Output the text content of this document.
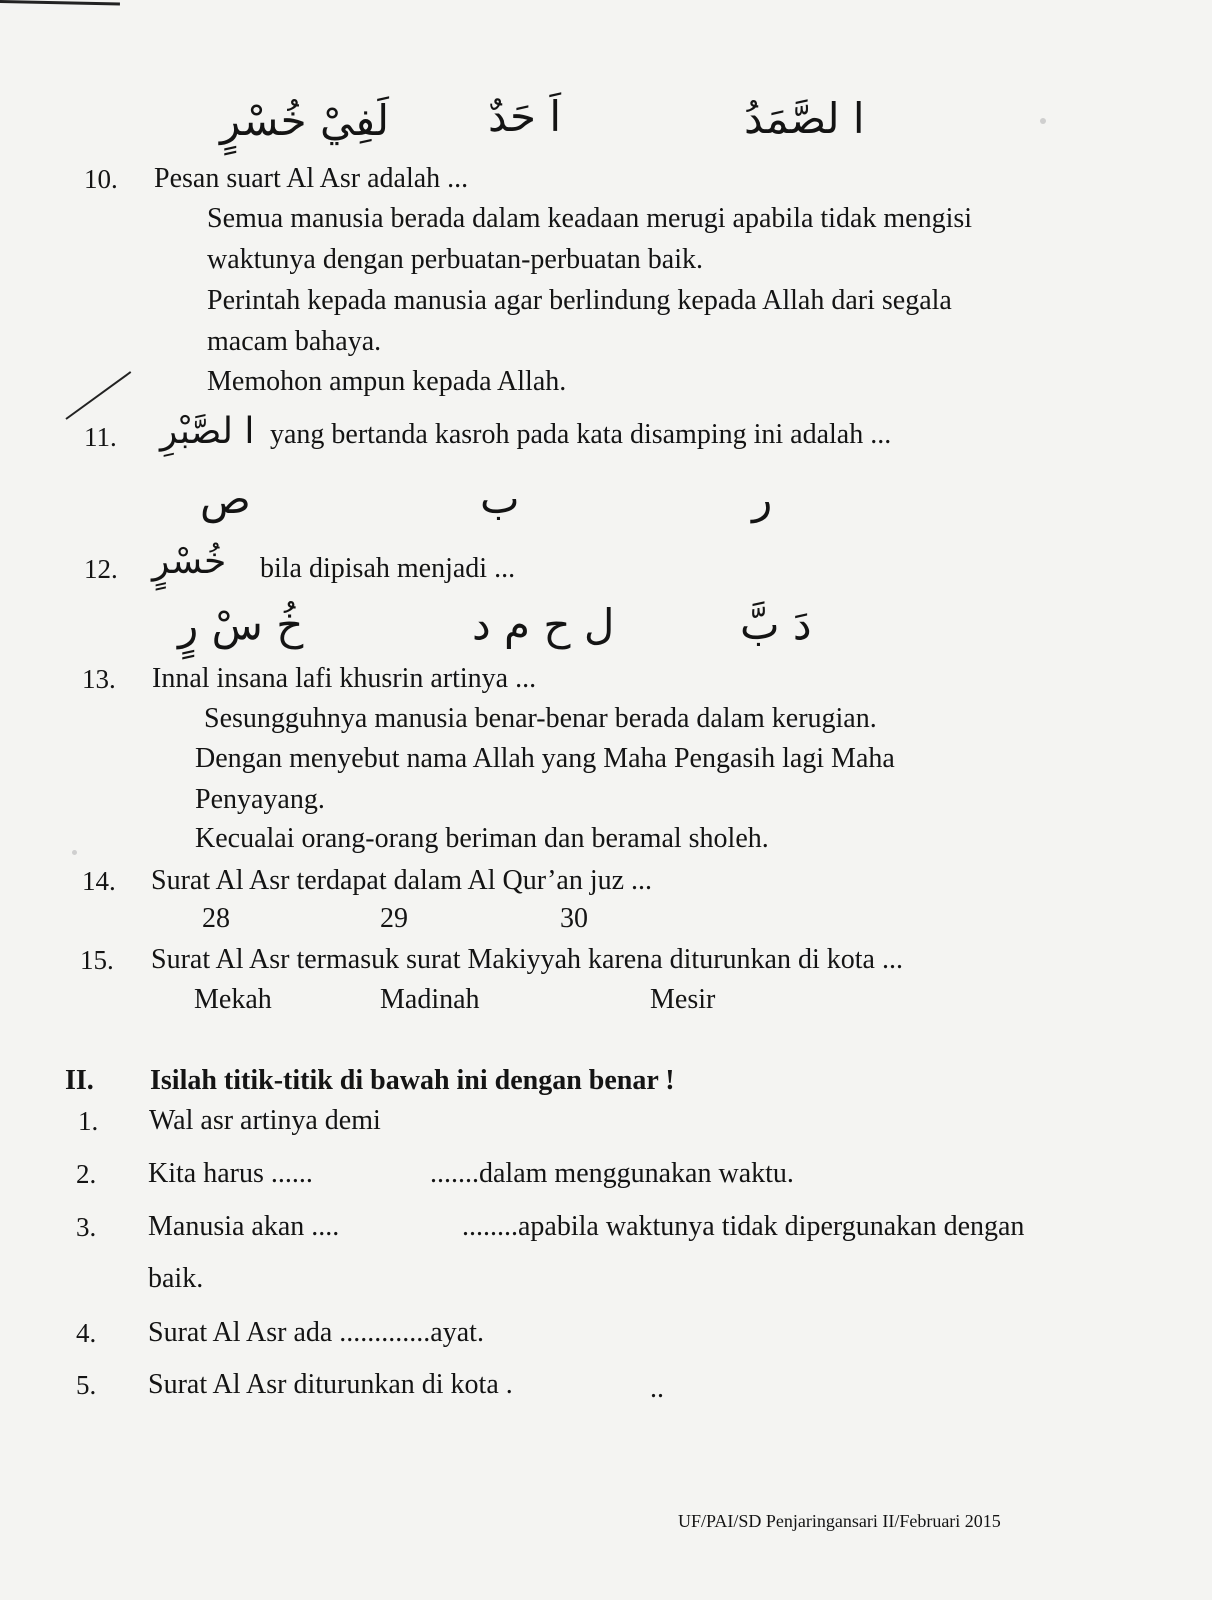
لَفِيْ خُسْرٍ اَ حَدٌ	ا لصَّمَدُ
10. Pesan suart Al Asr adalah ...
Semua manusia berada dalam keadaan merugi apabila tidak mengisi
waktunya dengan perbuatan-perbuatan baik.
Perintah kepada manusia agar berlindung kepada Allah dari segala
macam bahaya.
Memohon ampun kepada Allah.
11. ا لصَّبْرِ yang bertanda kasroh pada kata disamping ini adalah ...
ص	ب	ر
12. خُسْرٍ bila dipisah menjadi ...
خُ سْ رٍ	ل ح م د	دَ بَّ
13. Innal insana lafi khusrin artinya ...
Sesungguhnya manusia benar-benar berada dalam kerugian.
Dengan menyebut nama Allah yang Maha Pengasih lagi Maha
Penyayang.
Kecualai orang-orang beriman dan beramal sholeh.
14. Surat Al Asr terdapat dalam Al Qur’an juz ...
28	29	30
15. Surat Al Asr termasuk surat Makiyyah karena diturunkan di kota ...
Mekah	Madinah	Mesir
II. Isilah titik-titik di bawah ini dengan benar !
1. Wal asr artinya demi
2. Kita harus ......	.......dalam menggunakan waktu.
3. Manusia akan ....	........apabila waktunya tidak dipergunakan dengan
baik.
4. Surat Al Asr ada .............ayat.
5. Surat Al Asr diturunkan di kota .	..
UF/PAI/SD Penjaringansari II/Februari 2015
